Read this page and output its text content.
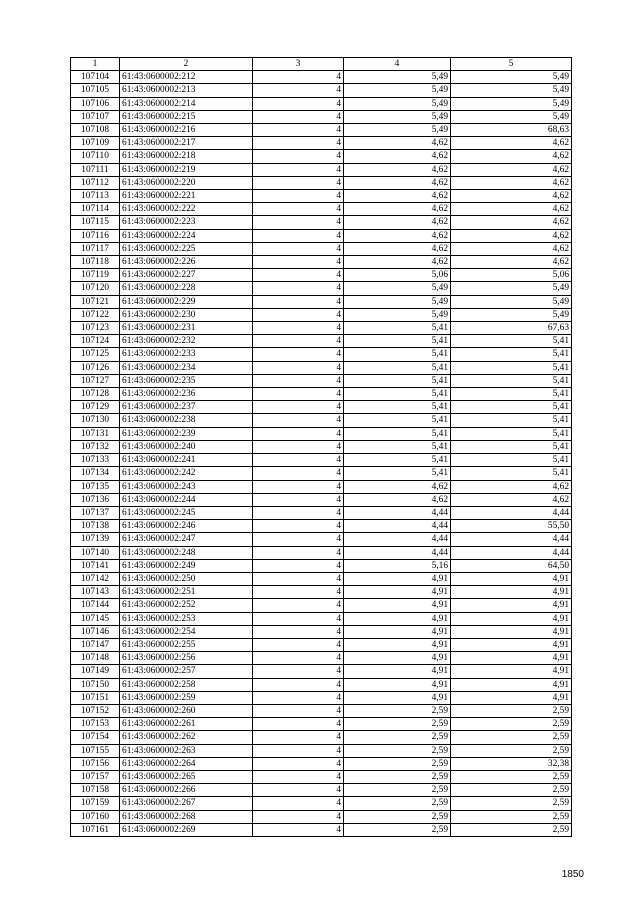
1	2	3	4	5
107104	61:43:0600002:212	4	5,49	5,49
107105	61:43:0600002:213	4	5,49	5,49
107106	61:43:0600002:214	4	5,49	5,49
107107	61:43:0600002:215	4	5,49	5,49
107108	61:43:0600002:216	4	5,49	68,63
107109	61:43:0600002:217	4	4,62	4,62
107110	61:43:0600002:218	4	4,62	4,62
107111	61:43:0600002:219	4	4,62	4,62
107112	61:43:0600002:220	4	4,62	4,62
107113	61:43:0600002:221	4	4,62	4,62
107114	61:43:0600002:222	4	4,62	4,62
107115	61:43:0600002:223	4	4,62	4,62
107116	61:43:0600002:224	4	4,62	4,62
107117	61:43:0600002:225	4	4,62	4,62
107118	61:43:0600002:226	4	4,62	4,62
107119	61:43:0600002:227	4	5,06	5,06
107120	61:43:0600002:228	4	5,49	5,49
107121	61:43:0600002:229	4	5,49	5,49
107122	61:43:0600002:230	4	5,49	5,49
107123	61:43:0600002:231	4	5,41	67,63
107124	61:43:0600002:232	4	5,41	5,41
107125	61:43:0600002:233	4	5,41	5,41
107126	61:43:0600002:234	4	5,41	5,41
107127	61:43:0600002:235	4	5,41	5,41
107128	61:43:0600002:236	4	5,41	5,41
107129	61:43:0600002:237	4	5,41	5,41
107130	61:43:0600002:238	4	5,41	5,41
107131	61:43:0600002:239	4	5,41	5,41
107132	61:43:0600002:240	4	5,41	5,41
107133	61:43:0600002:241	4	5,41	5,41
107134	61:43:0600002:242	4	5,41	5,41
107135	61:43:0600002:243	4	4,62	4,62
107136	61:43:0600002:244	4	4,62	4,62
107137	61:43:0600002:245	4	4,44	4,44
107138	61:43:0600002:246	4	4,44	55,50
107139	61:43:0600002:247	4	4,44	4,44
107140	61:43:0600002:248	4	4,44	4,44
107141	61:43:0600002:249	4	5,16	64,50
107142	61:43:0600002:250	4	4,91	4,91
107143	61:43:0600002:251	4	4,91	4,91
107144	61:43:0600002:252	4	4,91	4,91
107145	61:43:0600002:253	4	4,91	4,91
107146	61:43:0600002:254	4	4,91	4,91
107147	61:43:0600002:255	4	4,91	4,91
107148	61:43:0600002:256	4	4,91	4,91
107149	61:43:0600002:257	4	4,91	4,91
107150	61:43:0600002:258	4	4,91	4,91
107151	61:43:0600002:259	4	4,91	4,91
107152	61:43:0600002:260	4	2,59	2,59
107153	61:43:0600002:261	4	2,59	2,59
107154	61:43:0600002:262	4	2,59	2,59
107155	61:43:0600002:263	4	2,59	2,59
107156	61:43:0600002:264	4	2,59	32,38
107157	61:43:0600002:265	4	2,59	2,59
107158	61:43:0600002:266	4	2,59	2,59
107159	61:43:0600002:267	4	2,59	2,59
107160	61:43:0600002:268	4	2,59	2,59
107161	61:43:0600002:269	4	2,59	2,59
1850
